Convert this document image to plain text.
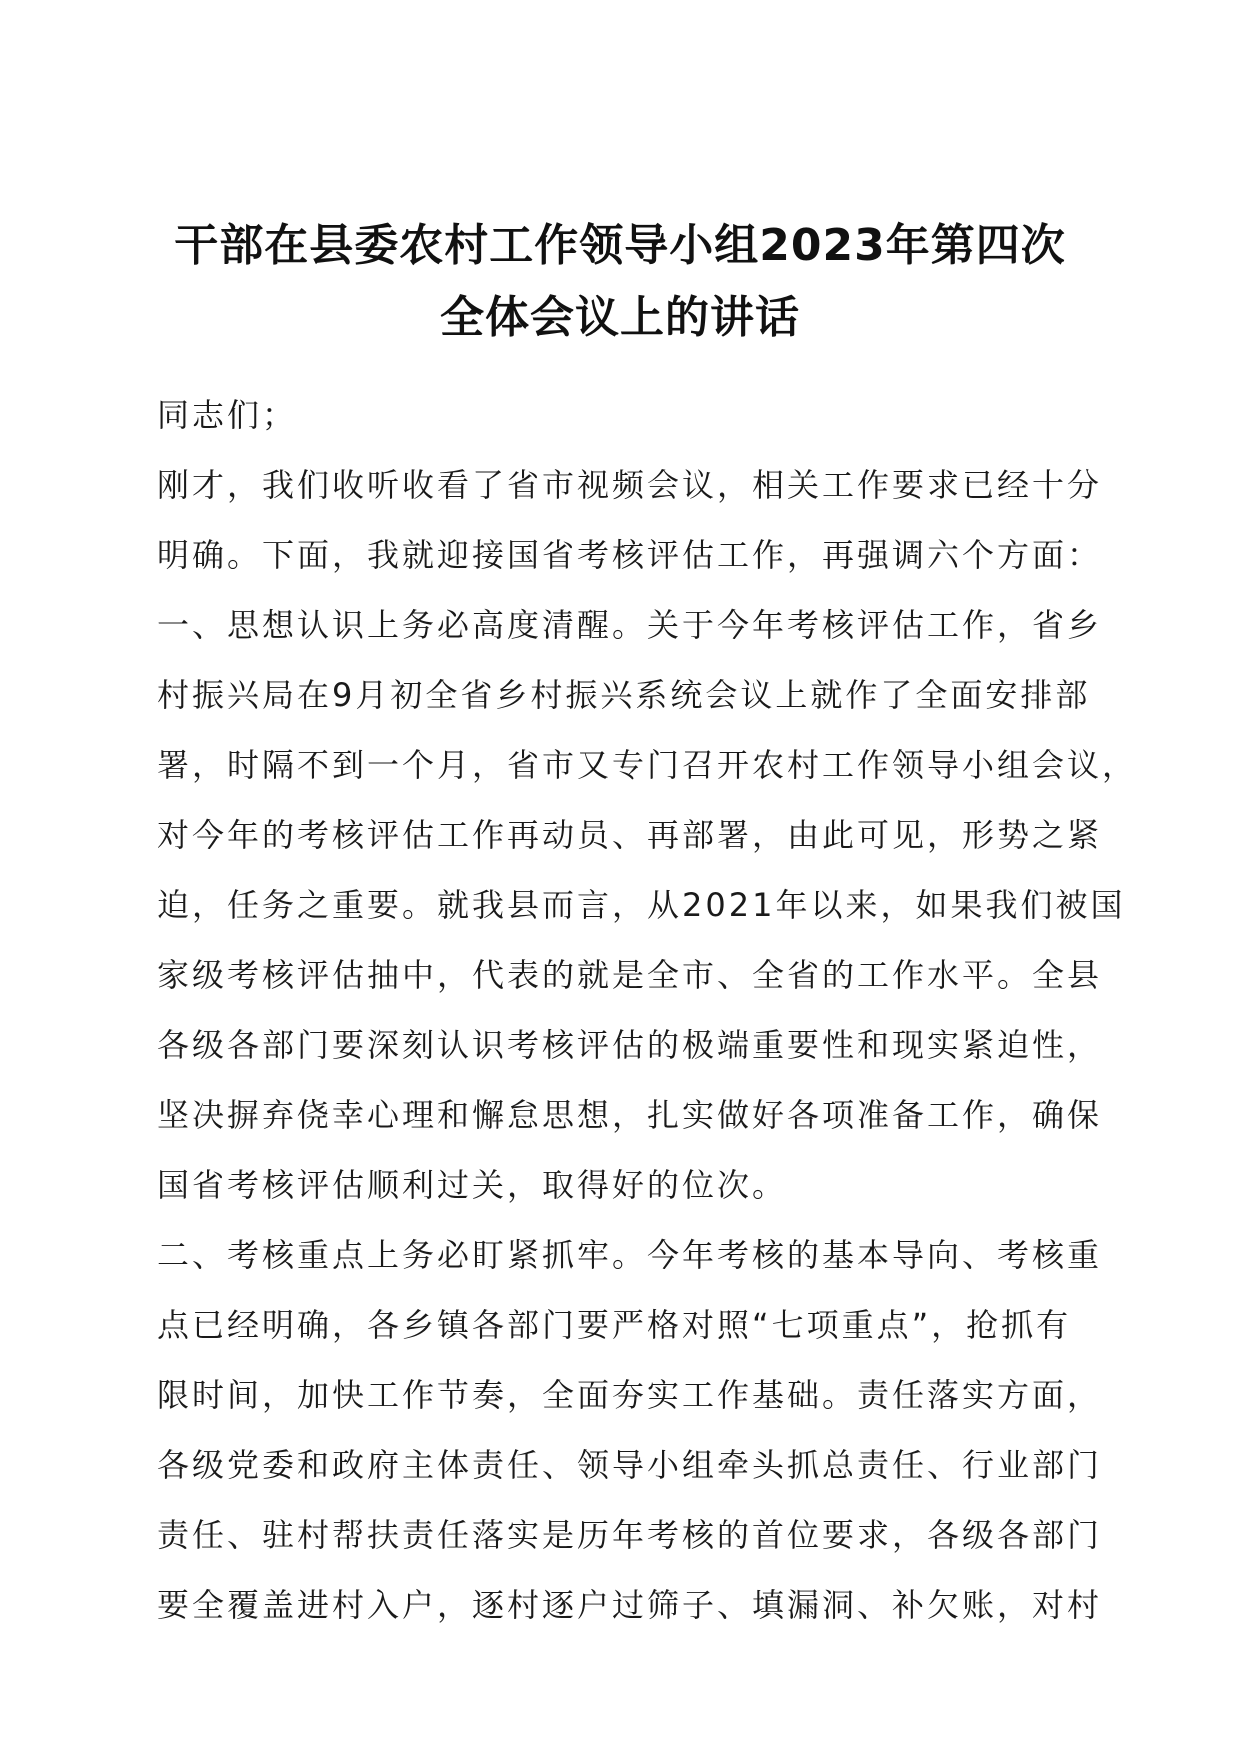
干部在县委农村工作领导小组2023年第四次
全体会议上的讲话
同志们；
刚才，我们收听收看了省市视频会议，相关工作要求已经十分
明确。下面，我就迎接国省考核评估工作，再强调六个方面：
一、思想认识上务必高度清醒。关于今年考核评估工作，省乡
村振兴局在9月初全省乡村振兴系统会议上就作了全面安排部
署，时隔不到一个月，省市又专门召开农村工作领导小组会议，
对今年的考核评估工作再动员、再部署，由此可见，形势之紧
迫，任务之重要。就我县而言，从2021年以来，如果我们被国
家级考核评估抽中，代表的就是全市、全省的工作水平。全县
各级各部门要深刻认识考核评估的极端重要性和现实紧迫性，
坚决摒弃侥幸心理和懈怠思想，扎实做好各项准备工作，确保
国省考核评估顺利过关，取得好的位次。
二、考核重点上务必盯紧抓牢。今年考核的基本导向、考核重
点已经明确，各乡镇各部门要严格对照“七项重点”，抢抓有
限时间，加快工作节奏，全面夯实工作基础。责任落实方面，
各级党委和政府主体责任、领导小组牵头抓总责任、行业部门
责任、驻村帮扶责任落实是历年考核的首位要求，各级各部门
要全覆盖进村入户，逐村逐户过筛子、填漏洞、补欠账，对村
